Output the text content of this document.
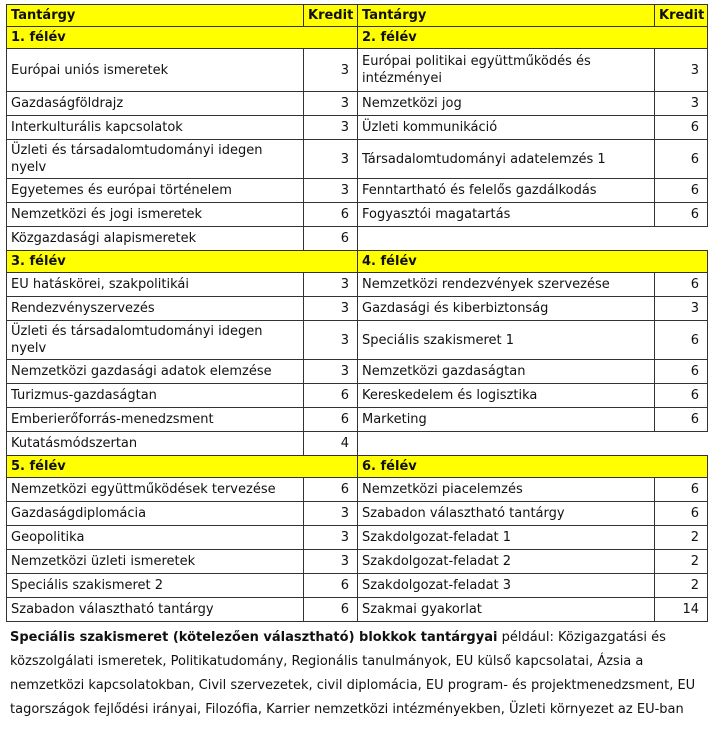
Tantárgy	Kredit	Tantárgy	Kredit
1. félév		2. félév	
Európai uniós ismeretek	3	Európai politikai együttműködés és intézményei	3
Gazdaságföldrajz	3	Nemzetközi jog	3
Interkulturális kapcsolatok	3	Üzleti kommunikáció	6
Üzleti és társadalomtudományi idegen nyelv	3	Társadalomtudományi adatelemzés 1	6
Egyetemes és európai történelem	3	Fenntartható és felelős gazdálkodás	6
Nemzetközi és jogi ismeretek	6	Fogyasztói magatartás	6
Közgazdasági alapismeretek	6		
3. félév		4. félév	
EU hatáskörei, szakpolitikái	3	Nemzetközi rendezvények szervezése	6
Rendezvényszervezés	3	Gazdasági és kiberbiztonság	3
Üzleti és társadalomtudományi idegen nyelv	3	Speciális szakismeret 1	6
Nemzetközi gazdasági adatok elemzése	3	Nemzetközi gazdaságtan	6
Turizmus-gazdaságtan	6	Kereskedelem és logisztika	6
Emberierőforrás-menedzsment	6	Marketing	6
Kutatásmódszertan	4		
5. félév		6. félév	
Nemzetközi együttműködések tervezése	6	Nemzetközi piacelemzés	6
Gazdaságdiplomácia	3	Szabadon választható tantárgy	6
Geopolitika	3	Szakdolgozat-feladat 1	2
Nemzetközi üzleti ismeretek	3	Szakdolgozat-feladat 2	2
Speciális szakismeret 2	6	Szakdolgozat-feladat 3	2
Szabadon választható tantárgy	6	Szakmai gyakorlat	14
Speciális szakismeret (kötelezően választható) blokkok tantárgyai például: Közigazgatási és közszolgálati ismeretek, Politikatudomány, Regionális tanulmányok, EU külső kapcsolatai, Ázsia a nemzetközi kapcsolatokban, Civil szervezetek, civil diplomácia, EU program- és projektmenedzsment, EU tagországok fejlődési irányai, Filozófia, Karrier nemzetközi intézményekben, Üzleti környezet az EU-ban
